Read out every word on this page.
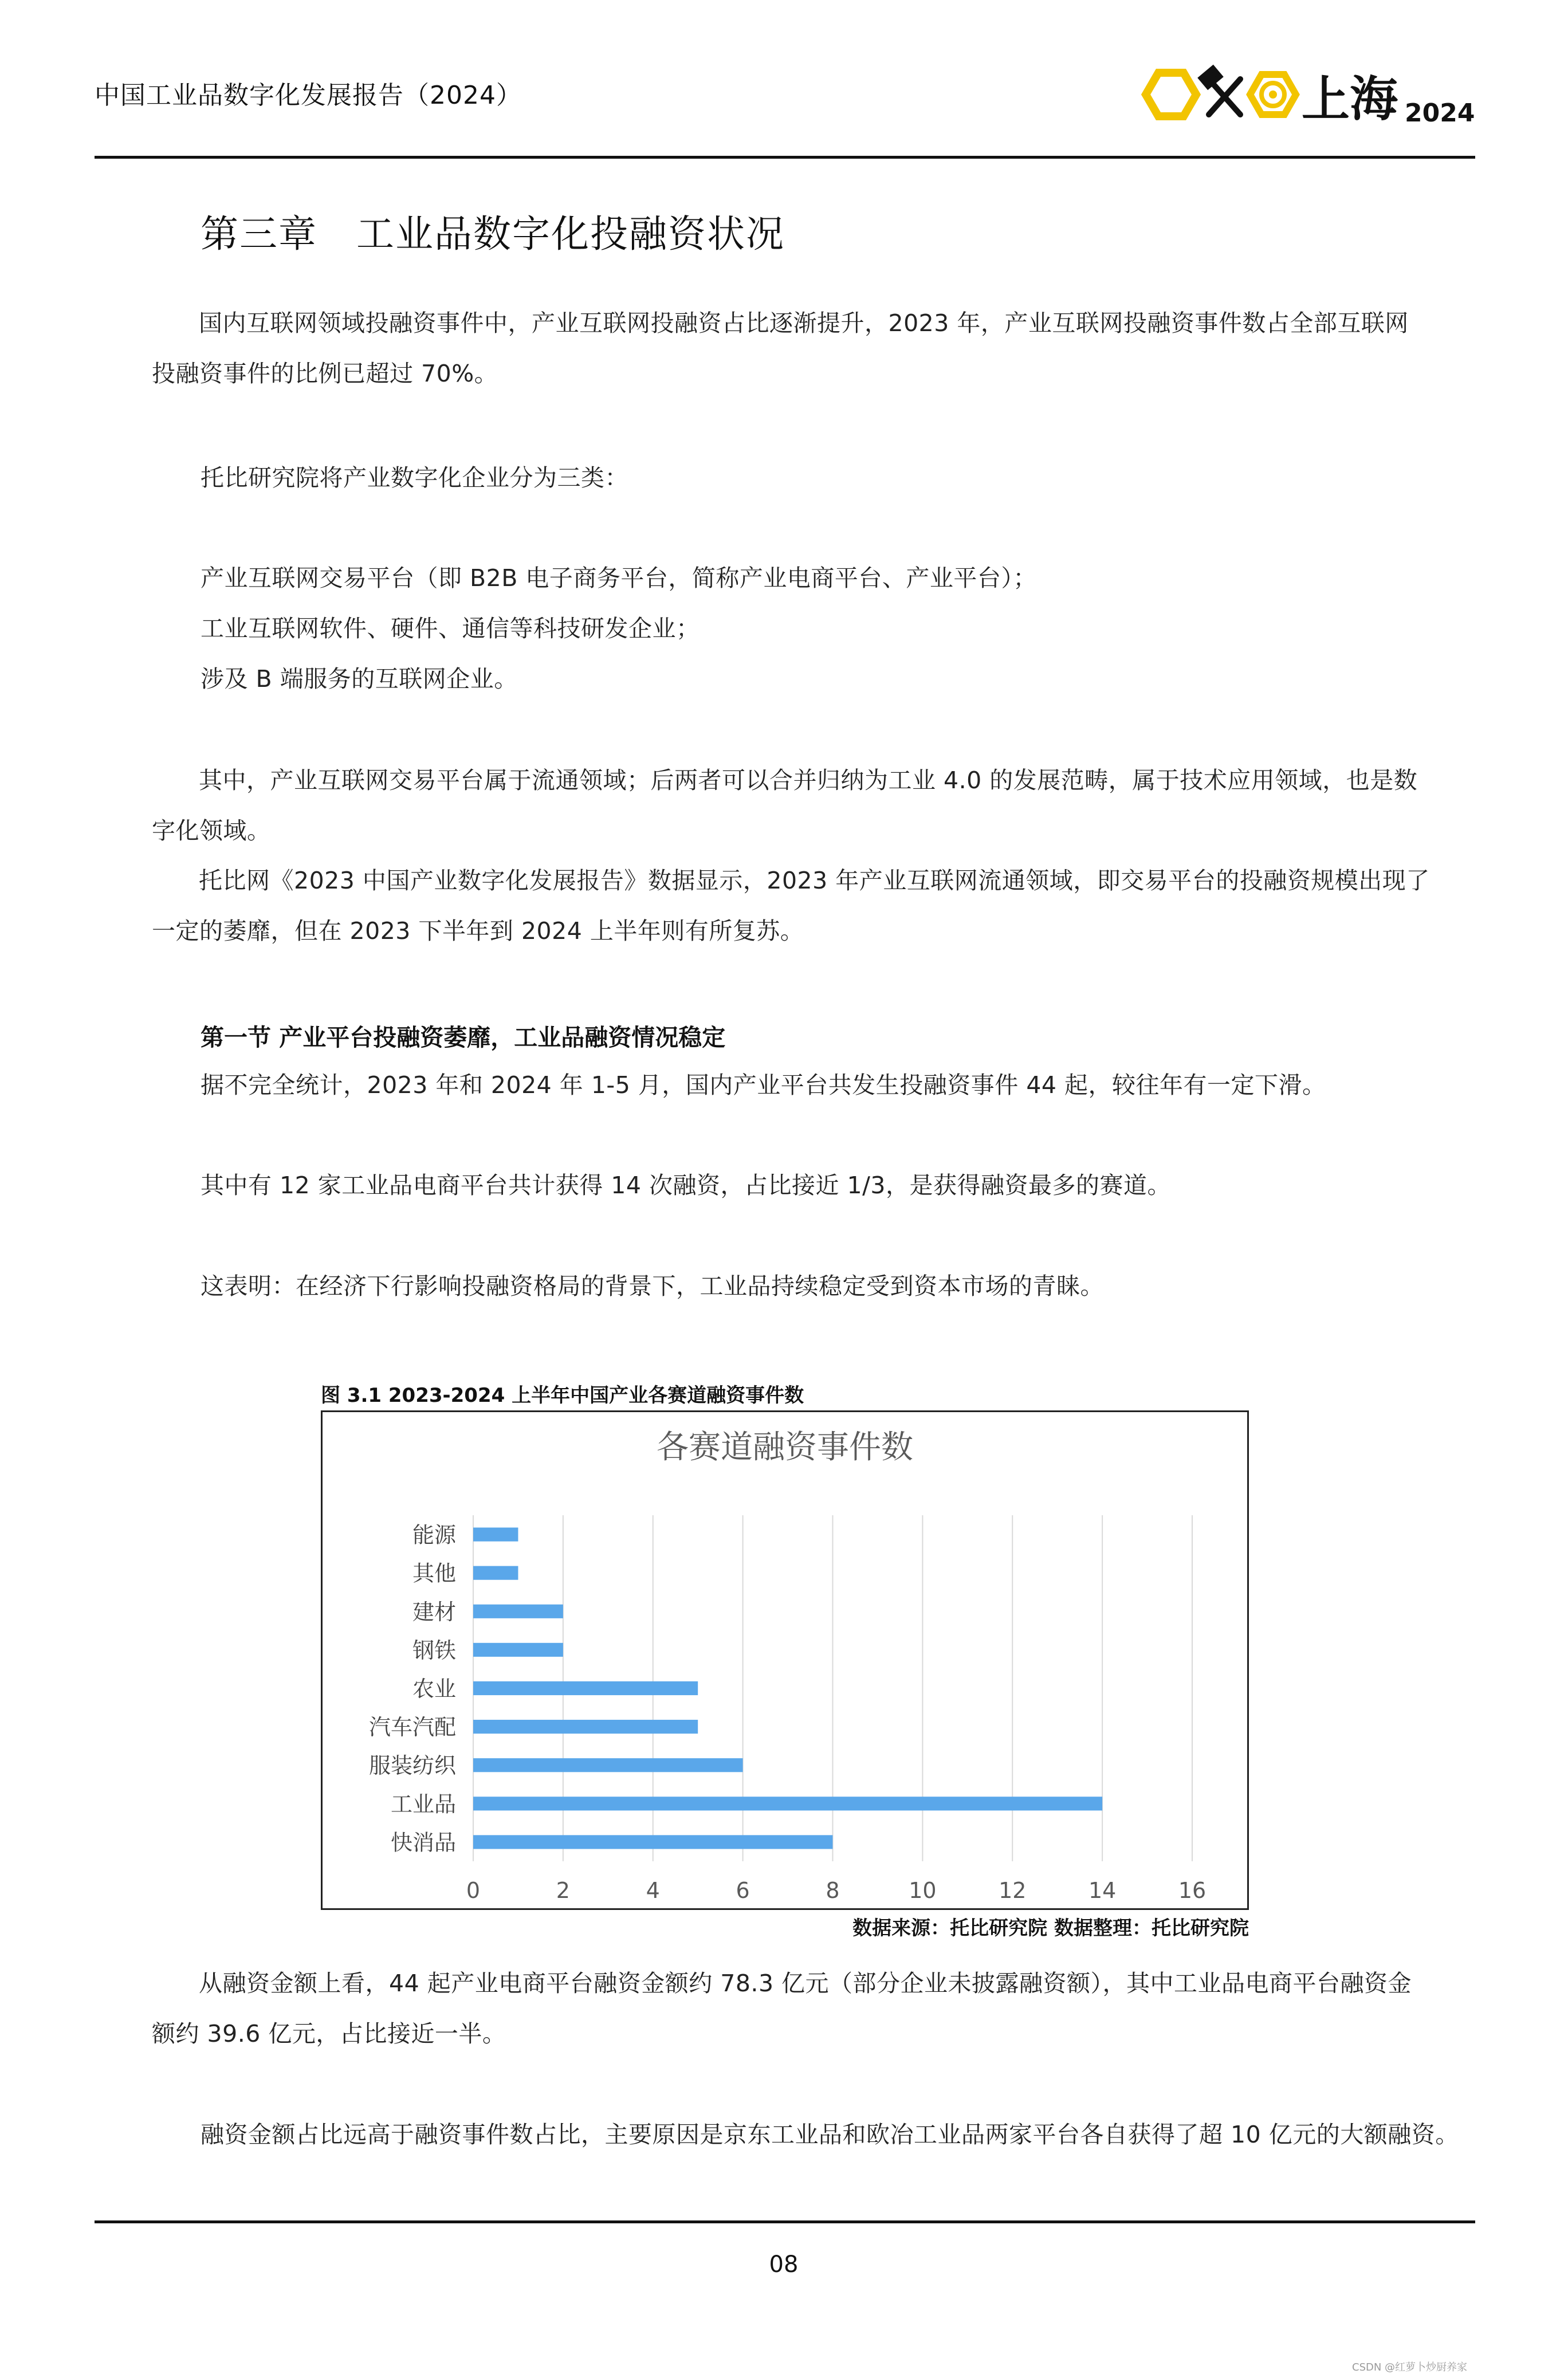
中国工业品数字化发展报告（2024）	上海 2024
第三章　工业品数字化投融资状况
国内互联网领域投融资事件中，产业互联网投融资占比逐渐提升，2023 年，产业互联网投融资事件数占全部互联网投融资事件的比例已超过 70%。
托比研究院将产业数字化企业分为三类：
产业互联网交易平台（即 B2B 电子商务平台，简称产业电商平台、产业平台）；
工业互联网软件、硬件、通信等科技研发企业；
涉及 B 端服务的互联网企业。
其中，产业互联网交易平台属于流通领域；后两者可以合并归纳为工业 4.0 的发展范畴，属于技术应用领域，也是数字化领域。
托比网《2023 中国产业数字化发展报告》数据显示，2023 年产业互联网流通领域，即交易平台的投融资规模出现了一定的萎靡，但在 2023 下半年到 2024 上半年则有所复苏。
第一节 产业平台投融资萎靡，工业品融资情况稳定
据不完全统计，2023 年和 2024 年 1-5 月，国内产业平台共发生投融资事件 44 起，较往年有一定下滑。
其中有 12 家工业品电商平台共计获得 14 次融资，占比接近 1/3，是获得融资最多的赛道。
这表明：在经济下行影响投融资格局的背景下，工业品持续稳定受到资本市场的青睐。
图 3.1 2023-2024 上半年中国产业各赛道融资事件数
各赛道融资事件数
能源
其他
建材
钢铁
农业
汽车汽配
服装纺织
工业品
快消品
0	2	4	6	8	10	12	14	16
数据来源：托比研究院 数据整理：托比研究院
从融资金额上看，44 起产业电商平台融资金额约 78.3 亿元（部分企业未披露融资额），其中工业品电商平台融资金额约 39.6 亿元，占比接近一半。
融资金额占比远高于融资事件数占比，主要原因是京东工业品和欧冶工业品两家平台各自获得了超 10 亿元的大额融资。
08
CSDN @红萝卜炒厨养家
